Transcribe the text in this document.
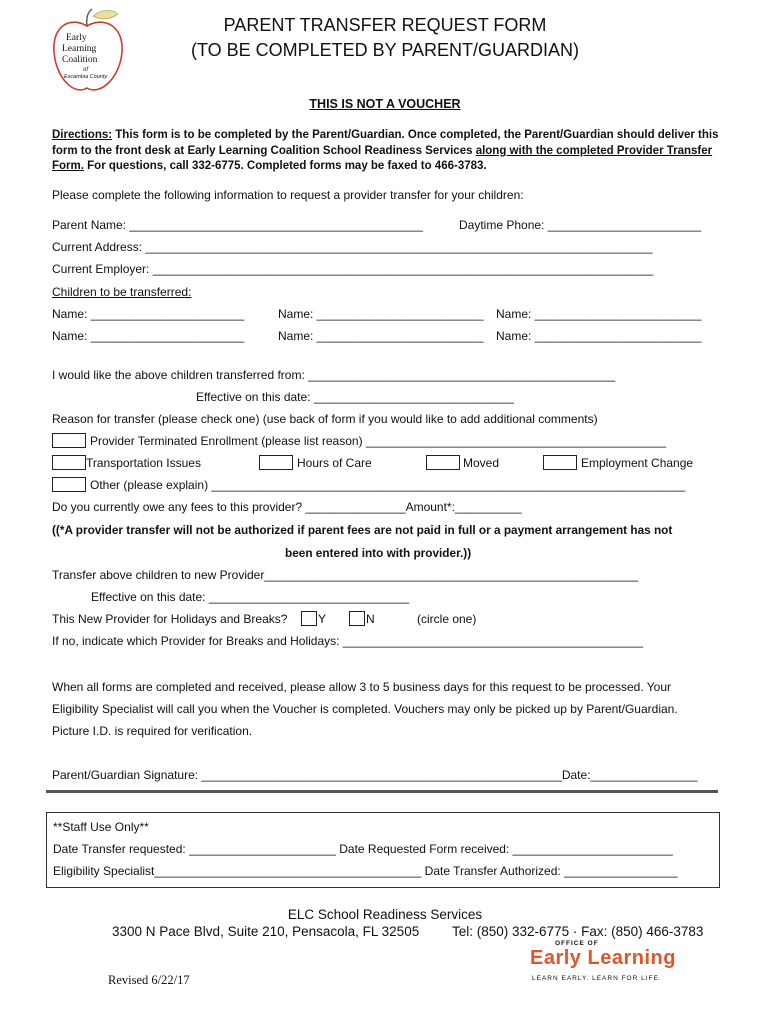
Early
Learning
Coalition
of
Escambia County
PARENT TRANSFER REQUEST FORM
(TO BE COMPLETED BY PARENT/GUARDIAN)
THIS IS NOT A VOUCHER
Directions: This form is to be completed by the Parent/Guardian. Once completed, the Parent/Guardian should deliver this form to the front desk at Early Learning Coalition School Readiness Services along with the completed Provider Transfer Form. For questions, call 332-6775. Completed forms may be faxed to 466-3783.
Please complete the following information to request a provider transfer for your children:
Parent Name: ____________________________________________	Daytime Phone: _______________________
Current Address: ____________________________________________________________________________
Current Employer: ___________________________________________________________________________
Children to be transferred:
Name: _______________________	Name: _________________________ Name: _________________________
Name: _______________________	Name: _________________________ Name: _________________________
I would like the above children transferred from: ______________________________________________
Effective on this date: ______________________________
Reason for transfer (please check one) (use back of form if you would like to add additional comments)
Provider Terminated Enrollment (please list reason) _____________________________________________
Transportation Issues	Hours of Care	Moved	Employment Change
Other (please explain) _______________________________________________________________________
Do you currently owe any fees to this provider? _______________Amount*:__________
((*A provider transfer will not be authorized if parent fees are not paid in full or a payment arrangement has not
been entered into with provider.))
Transfer above children to new Provider________________________________________________________
Effective on this date: ______________________________
This New Provider for Holidays and Breaks?	Y	N	(circle one)
If no, indicate which Provider for Breaks and Holidays: _____________________________________________
When all forms are completed and received, please allow 3 to 5 business days for this request to be processed. Your
Eligibility Specialist will call you when the Voucher is completed. Vouchers may only be picked up by Parent/Guardian.
Picture I.D. is required for verification.
Parent/Guardian Signature: ______________________________________________________Date:________________
**Staff Use Only**
Date Transfer requested: ______________________ Date Requested Form received: ________________________
Eligibility Specialist________________________________________ Date Transfer Authorized: _________________
ELC School Readiness Services
3300 N Pace Blvd, Suite 210, Pensacola, FL 32505 Tel: (850) 332-6775 · Fax: (850) 466-3783
Revised 6/22/17
OFFICE OF
Early Learning
LEARN EARLY. LEARN FOR LIFE.
